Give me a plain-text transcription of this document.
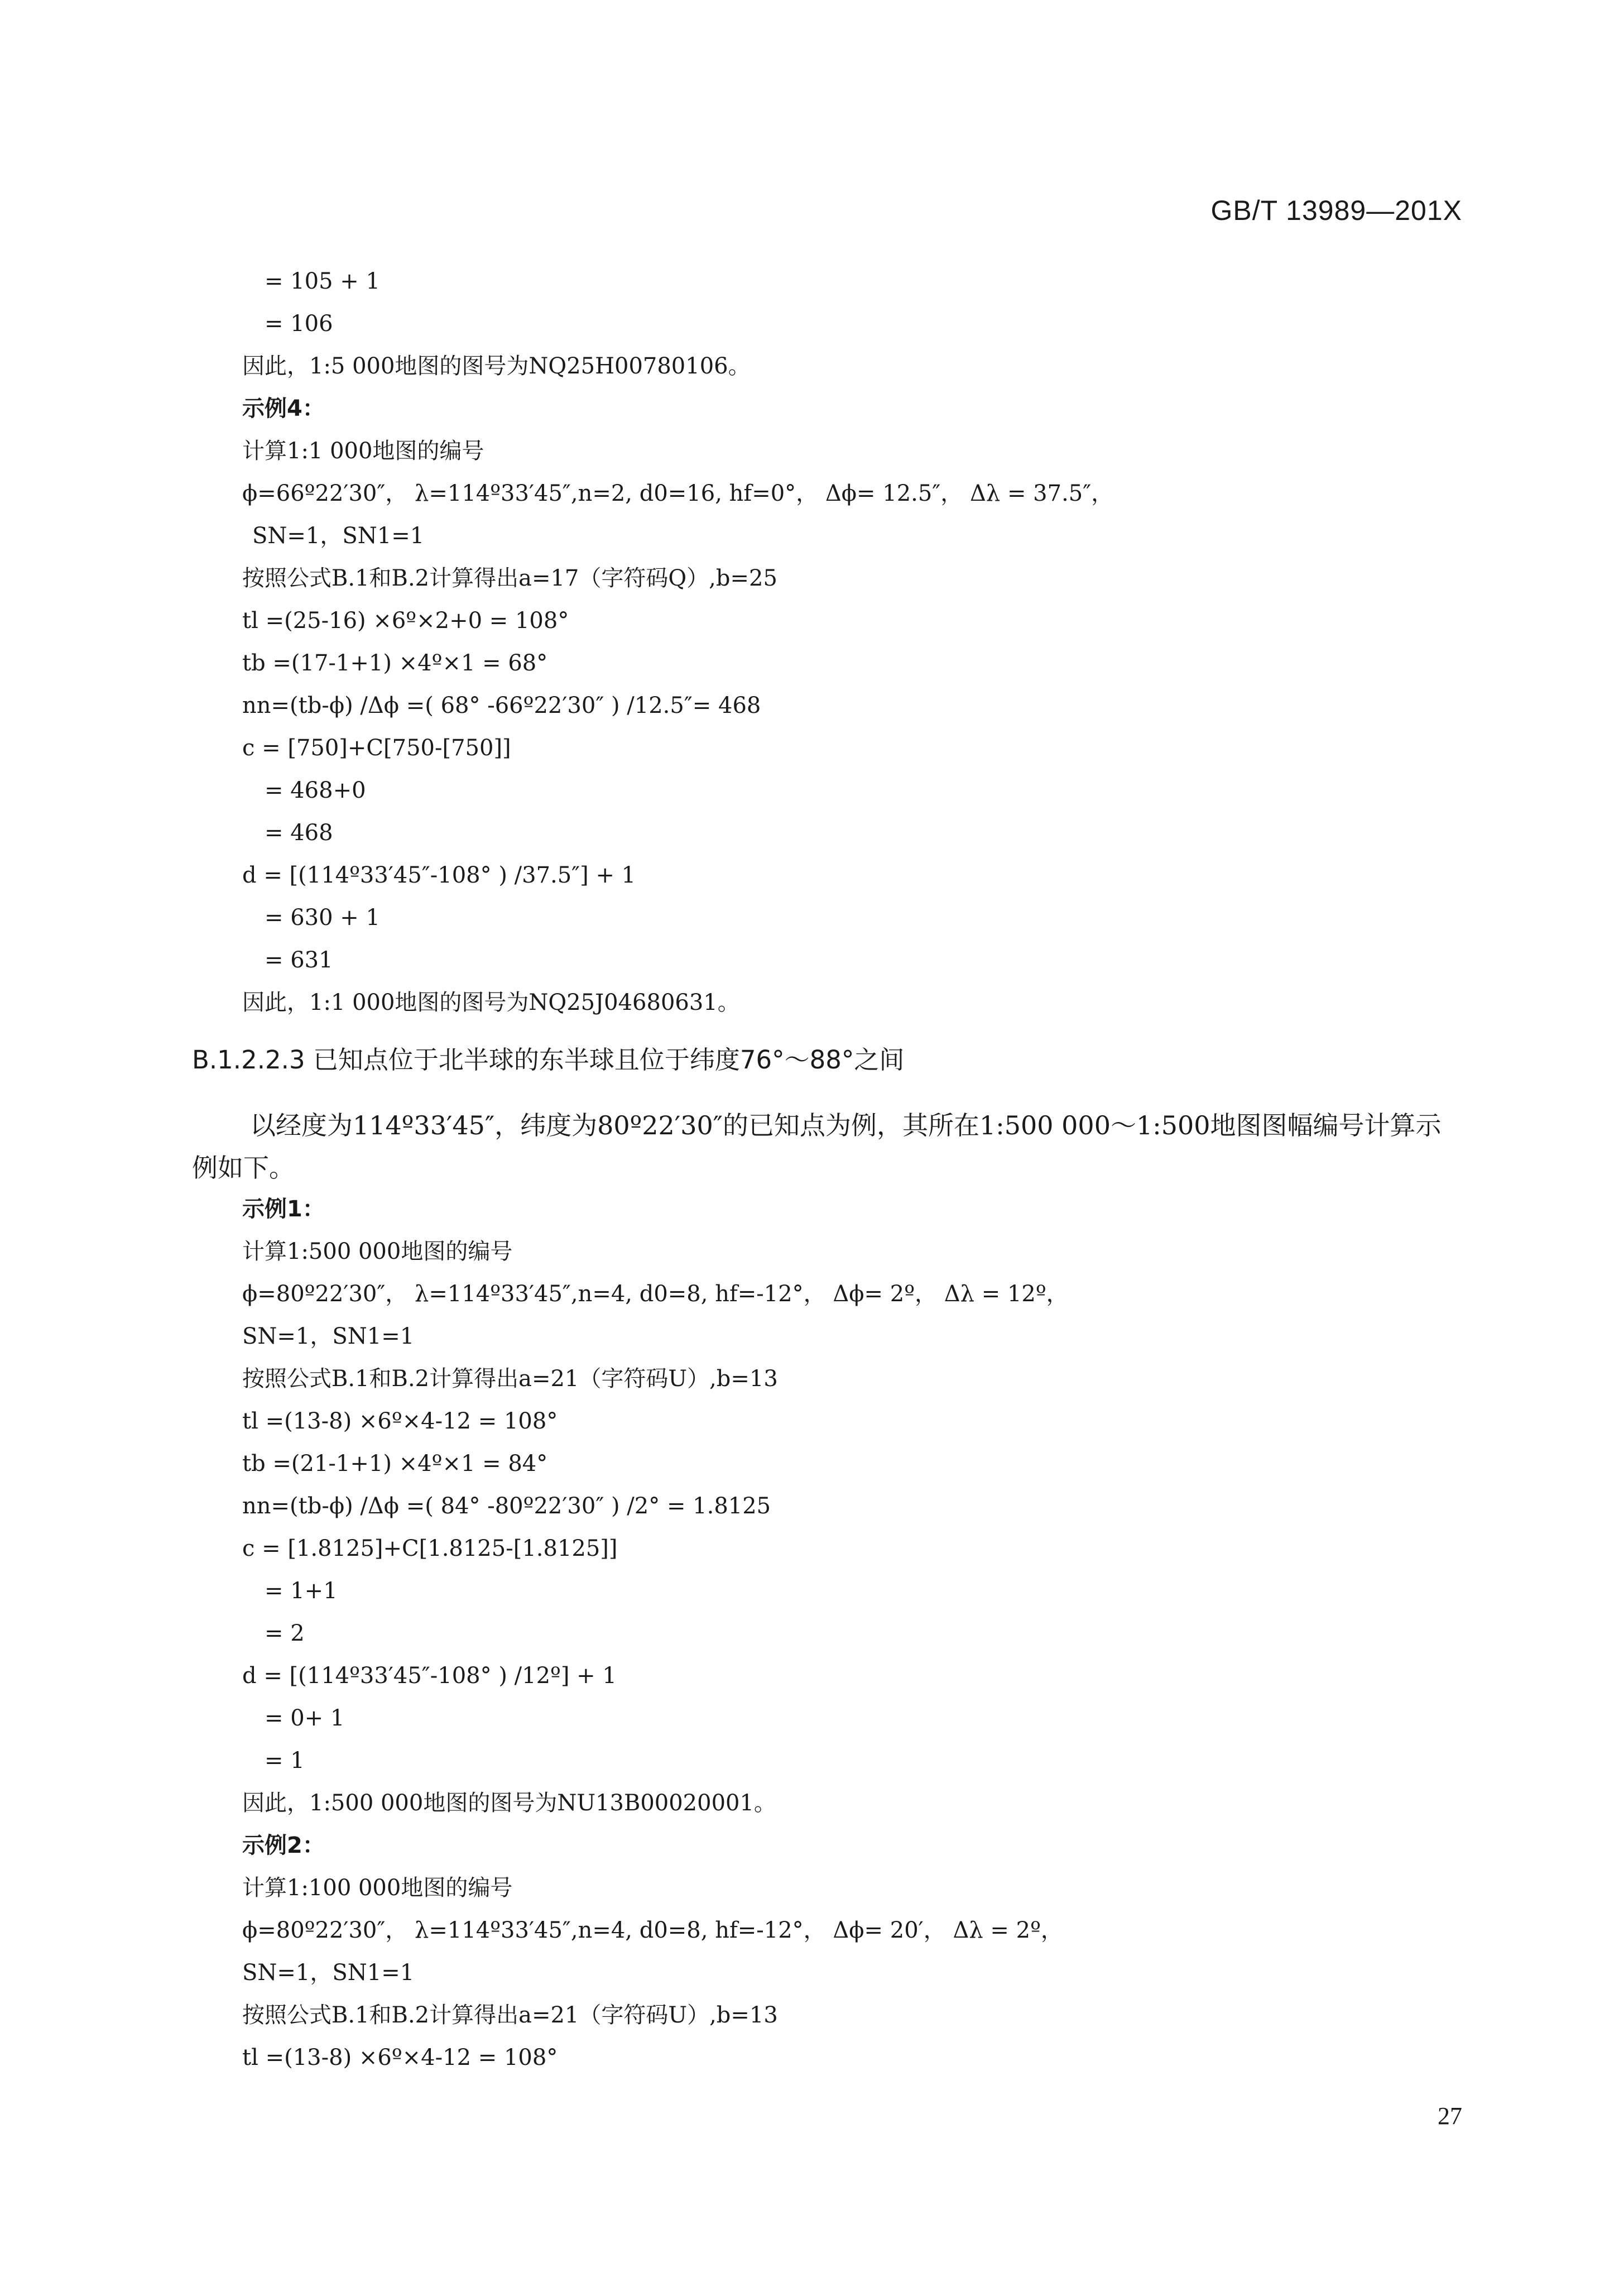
GB/T 13989—201X
= 105 + 1
= 106
因此，1:5 000地图的图号为NQ25H00780106。
示例4：
计算1:1 000地图的编号
ϕ=66º22′30″， λ=114º33′45″,n=2, d0=16, hf=0°， Δϕ= 12.5″， Δλ = 37.5″，
SN=1，SN1=1
按照公式B.1和B.2计算得出a=17（字符码Q）,b=25
tl =(25-16) ×6º×2+0 = 108°
tb =(17-1+1) ×4º×1 = 68°
nn=(tb-ϕ) /Δϕ =( 68° -66º22′30″ ) /12.5″= 468
c = [750]+C[750-[750]]
= 468+0
= 468
d = [(114º33′45″-108° ) /37.5″] + 1
= 630 + 1
= 631
因此，1:1 000地图的图号为NQ25J04680631。
B.1.2.2.3 已知点位于北半球的东半球且位于纬度76°～88°之间
以经度为114º33′45″，纬度为80º22′30″的已知点为例，其所在1:500 000～1:500地图图幅编号计算示例如下。
示例1：
计算1:500 000地图的编号
ϕ=80º22′30″， λ=114º33′45″,n=4, d0=8, hf=-12°， Δϕ= 2º， Δλ = 12º，
SN=1，SN1=1
按照公式B.1和B.2计算得出a=21（字符码U）,b=13
tl =(13-8) ×6º×4-12 = 108°
tb =(21-1+1) ×4º×1 = 84°
nn=(tb-ϕ) /Δϕ =( 84° -80º22′30″ ) /2° = 1.8125
c = [1.8125]+C[1.8125-[1.8125]]
= 1+1
= 2
d = [(114º33′45″-108° ) /12º] + 1
= 0+ 1
= 1
因此，1:500 000地图的图号为NU13B00020001。
示例2：
计算1:100 000地图的编号
ϕ=80º22′30″， λ=114º33′45″,n=4, d0=8, hf=-12°， Δϕ= 20′， Δλ = 2º，
SN=1，SN1=1
按照公式B.1和B.2计算得出a=21（字符码U）,b=13
tl =(13-8) ×6º×4-12 = 108°
27
